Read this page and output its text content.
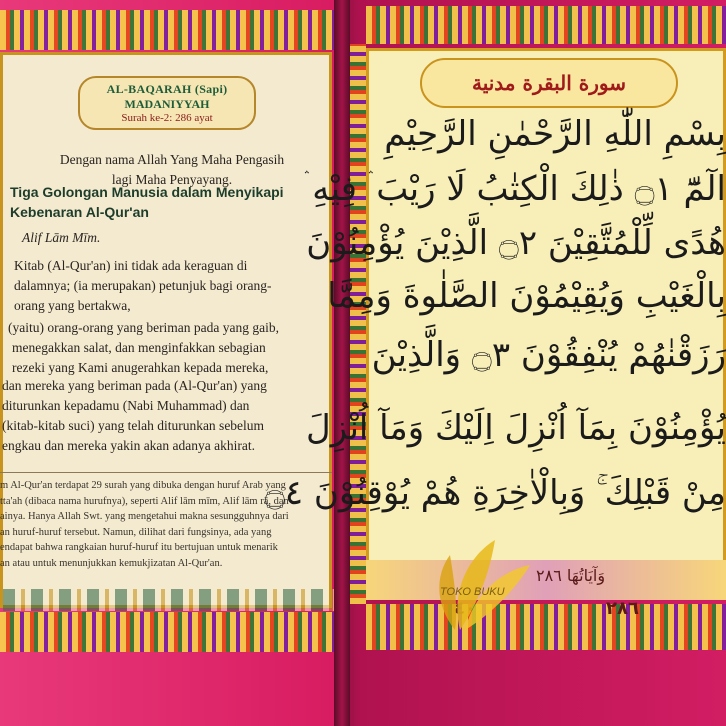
AL-BAQARAH (Sapi)
MADANIYYAH
Surah ke-2: 286 ayat
Dengan nama Allah Yang Maha Pengasih
lagi Maha Penyayang.
Tiga Golongan Manusia dalam Menyikapi
Kebenaran Al-Qur'an
Alif Lām Mīm.
Kitab (Al-Qur'an) ini tidak ada keraguan di
dalamnya; (ia merupakan) petunjuk bagi orang-
orang yang bertakwa,
(yaitu) orang-orang yang beriman pada yang gaib,
menegakkan salat, dan menginfakkan sebagian
rezeki yang Kami anugerahkan kepada mereka,
dan mereka yang beriman pada (Al-Qur'an) yang
diturunkan kepadamu (Nabi Muhammad) dan
(kitab-kitab suci) yang telah diturunkan sebelum
engkau dan mereka yakin akan adanya akhirat.
m Al-Qur'an terdapat 29 surah yang dibuka dengan huruf Arab yang
tta'ah (dibaca nama hurufnya), seperti Alif lām mīm, Alif lām rā, dan
ainya. Hanya Allah Swt. yang mengetahui makna sesungguhnya dari
an huruf-huruf tersebut. Namun, dilihat dari fungsinya, ada yang
endapat bahwa rangkaian huruf-huruf itu bertujuan untuk menarik
an atau untuk menunjukkan kemukjizatan Al-Qur'an.
سورة البقرة مدنية
بِسْمِ اللّٰهِ الرَّحْمٰنِ الرَّحِيْمِ
الٓمّٓ ۝١ ذٰلِكَ الْكِتٰبُ لَا رَيْبَ ۛ فِيْهِ ۛ
هُدًى لِّلْمُتَّقِيْنَ ۝٢ الَّذِيْنَ يُؤْمِنُوْنَ
بِالْغَيْبِ وَيُقِيْمُوْنَ الصَّلٰوةَ وَمِمَّا
رَزَقْنٰهُمْ يُنْفِقُوْنَ ۝٣ وَالَّذِيْنَ
يُؤْمِنُوْنَ بِمَآ اُنْزِلَ اِلَيْكَ وَمَآ اُنْزِلَ
مِنْ قَبْلِكَ ۚ وَبِالْاٰخِرَةِ هُمْ يُوْقِنُوْنَ ۝٤
وَآيَاتُهَا ٢٨٦
٢٨٦
TOKO BUKU
